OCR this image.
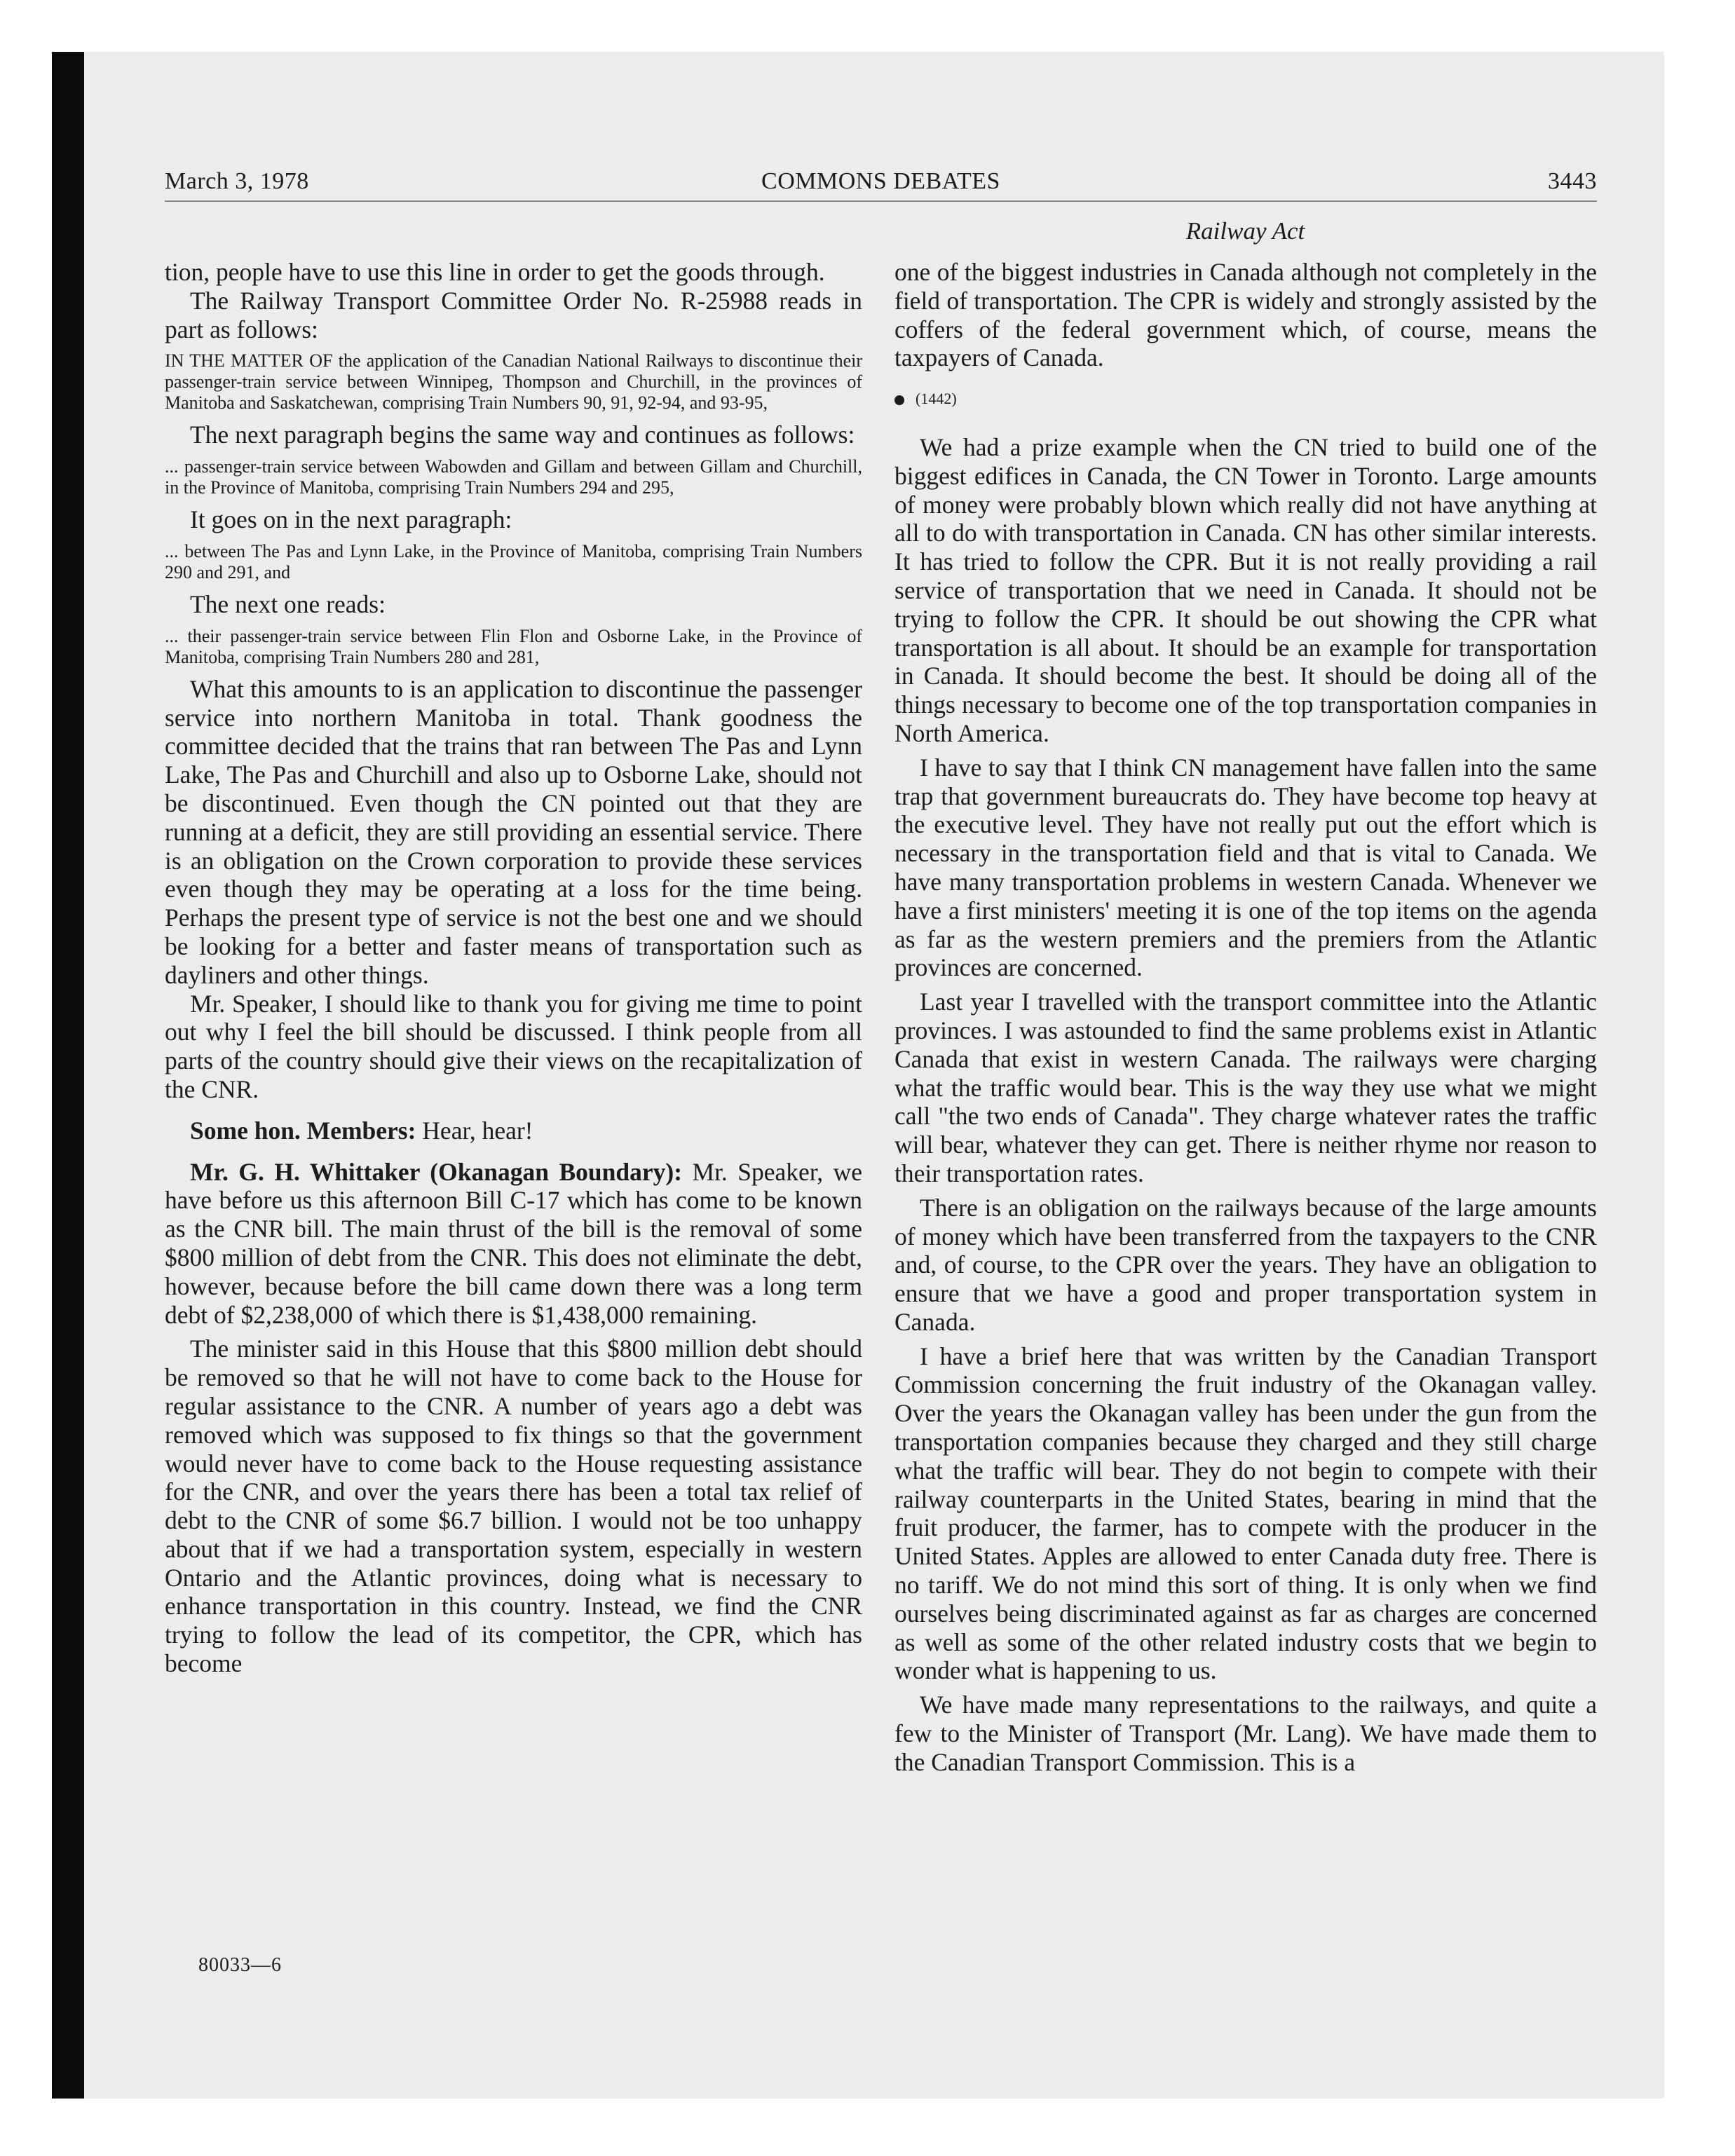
March 3, 1978	COMMONS DEBATES	3443
Railway Act

tion, people have to use this line in order to get the goods through.

The Railway Transport Committee Order No. R-25988 reads in part as follows:

IN THE MATTER OF the application of the Canadian National Railways to discontinue their passenger-train service between Winnipeg, Thompson and Churchill, in the provinces of Manitoba and Saskatchewan, comprising Train Numbers 90, 91, 92-94, and 93-95,

The next paragraph begins the same way and continues as follows:

... passenger-train service between Wabowden and Gillam and between Gillam and Churchill, in the Province of Manitoba, comprising Train Numbers 294 and 295,

It goes on in the next paragraph:

... between The Pas and Lynn Lake, in the Province of Manitoba, comprising Train Numbers 290 and 291, and

The next one reads:

... their passenger-train service between Flin Flon and Osborne Lake, in the Province of Manitoba, comprising Train Numbers 280 and 281,

What this amounts to is an application to discontinue the passenger service into northern Manitoba in total. Thank goodness the committee decided that the trains that ran between The Pas and Lynn Lake, The Pas and Churchill and also up to Osborne Lake, should not be discontinued. Even though the CN pointed out that they are running at a deficit, they are still providing an essential service. There is an obligation on the Crown corporation to provide these services even though they may be operating at a loss for the time being. Perhaps the present type of service is not the best one and we should be looking for a better and faster means of transportation such as dayliners and other things.

Mr. Speaker, I should like to thank you for giving me time to point out why I feel the bill should be discussed. I think people from all parts of the country should give their views on the recapitalization of the CNR.

Some hon. Members: Hear, hear!

Mr. G. H. Whittaker (Okanagan Boundary): Mr. Speaker, we have before us this afternoon Bill C-17 which has come to be known as the CNR bill. The main thrust of the bill is the removal of some $800 million of debt from the CNR. This does not eliminate the debt, however, because before the bill came down there was a long term debt of $2,238,000 of which there is $1,438,000 remaining.

The minister said in this House that this $800 million debt should be removed so that he will not have to come back to the House for regular assistance to the CNR. A number of years ago a debt was removed which was supposed to fix things so that the government would never have to come back to the House requesting assistance for the CNR, and over the years there has been a total tax relief of debt to the CNR of some $6.7 billion. I would not be too unhappy about that if we had a transportation system, especially in western Ontario and the Atlantic provinces, doing what is necessary to enhance transportation in this country. Instead, we find the CNR trying to follow the lead of its competitor, the CPR, which has become

one of the biggest industries in Canada although not completely in the field of transportation. The CPR is widely and strongly assisted by the coffers of the federal government which, of course, means the taxpayers of Canada.

(1442)

We had a prize example when the CN tried to build one of the biggest edifices in Canada, the CN Tower in Toronto. Large amounts of money were probably blown which really did not have anything at all to do with transportation in Canada. CN has other similar interests. It has tried to follow the CPR. But it is not really providing a rail service of transportation that we need in Canada. It should not be trying to follow the CPR. It should be out showing the CPR what transportation is all about. It should be an example for transportation in Canada. It should become the best. It should be doing all of the things necessary to become one of the top transportation companies in North America.

I have to say that I think CN management have fallen into the same trap that government bureaucrats do. They have become top heavy at the executive level. They have not really put out the effort which is necessary in the transportation field and that is vital to Canada. We have many transportation problems in western Canada. Whenever we have a first ministers' meeting it is one of the top items on the agenda as far as the western premiers and the premiers from the Atlantic provinces are concerned.

Last year I travelled with the transport committee into the Atlantic provinces. I was astounded to find the same problems exist in Atlantic Canada that exist in western Canada. The railways were charging what the traffic would bear. This is the way they use what we might call "the two ends of Canada". They charge whatever rates the traffic will bear, whatever they can get. There is neither rhyme nor reason to their transportation rates.

There is an obligation on the railways because of the large amounts of money which have been transferred from the taxpayers to the CNR and, of course, to the CPR over the years. They have an obligation to ensure that we have a good and proper transportation system in Canada.

I have a brief here that was written by the Canadian Transport Commission concerning the fruit industry of the Okanagan valley. Over the years the Okanagan valley has been under the gun from the transportation companies because they charged and they still charge what the traffic will bear. They do not begin to compete with their railway counterparts in the United States, bearing in mind that the fruit producer, the farmer, has to compete with the producer in the United States. Apples are allowed to enter Canada duty free. There is no tariff. We do not mind this sort of thing. It is only when we find ourselves being discriminated against as far as charges are concerned as well as some of the other related industry costs that we begin to wonder what is happening to us.

We have made many representations to the railways, and quite a few to the Minister of Transport (Mr. Lang). We have made them to the Canadian Transport Commission. This is a

80033—6
